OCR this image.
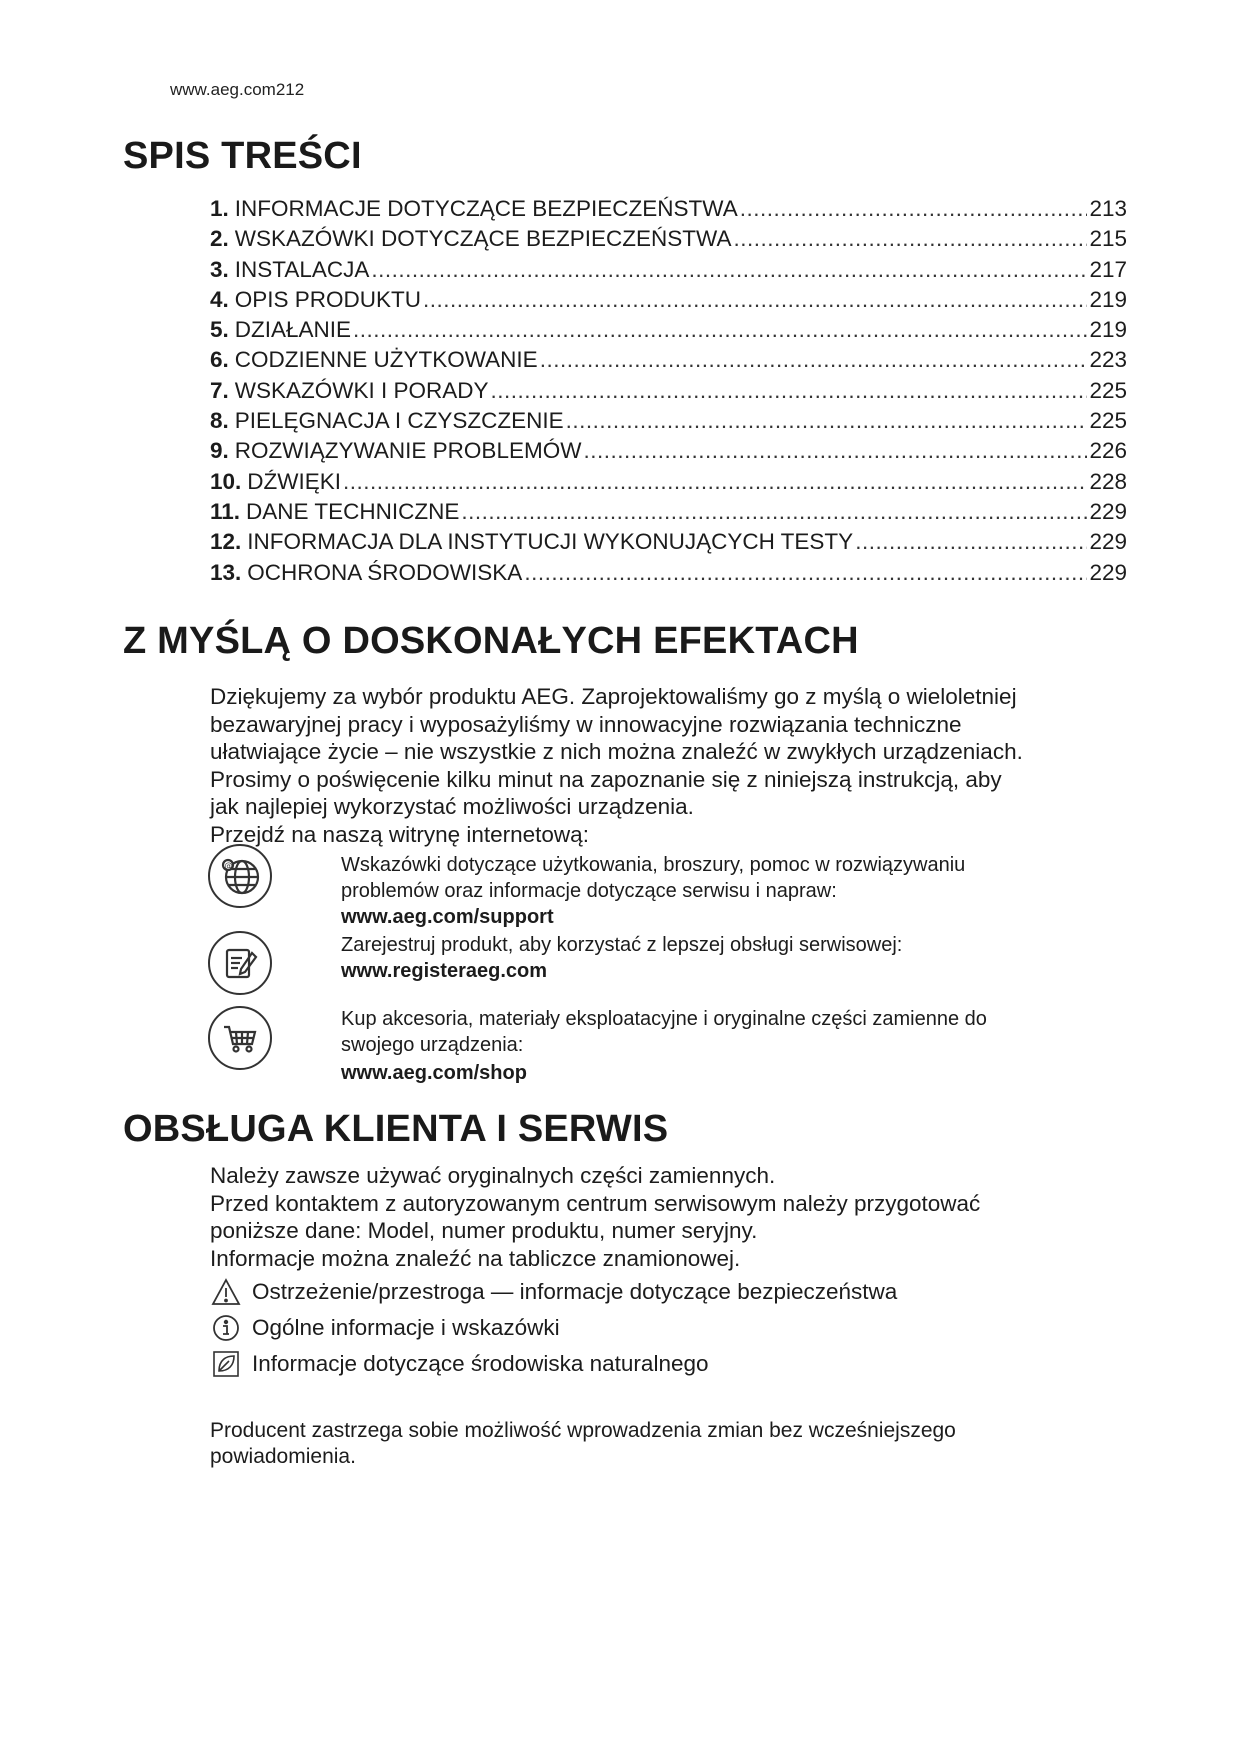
www.aeg.com212
SPIS TREŚCI
1. INFORMACJE DOTYCZĄCE BEZPIECZEŃSTWA .....	213
2. WSKAZÓWKI DOTYCZĄCE BEZPIECZEŃSTWA .....	215
3. INSTALACJA .....	217
4. OPIS PRODUKTU .....	219
5. DZIAŁANIE .....	219
6. CODZIENNE UŻYTKOWANIE .....	223
7. WSKAZÓWKI I PORADY .....	225
8. PIELĘGNACJA I CZYSZCZENIE .....	225
9. ROZWIĄZYWANIE PROBLEMÓW .....	226
10. DŹWIĘKI .....	228
11. DANE TECHNICZNE .....	229
12. INFORMACJA DLA INSTYTUCJI WYKONUJĄCYCH TESTY .....	229
13. OCHRONA ŚRODOWISKA .....	229
Z MYŚLĄ O DOSKONAŁYCH EFEKTACH

Dziękujemy za wybór produktu AEG. Zaprojektowaliśmy go z myślą o wieloletniej

bezawaryjnej pracy i wyposażyliśmy w innowacyjne rozwiązania techniczne

ułatwiające życie – nie wszystkie z nich można znaleźć w zwykłych urządzeniach.

Prosimy o poświęcenie kilku minut na zapoznanie się z niniejszą instrukcją, aby

jak najlepiej wykorzystać możliwości urządzenia.

Przejdź na naszą witrynę internetową:

@	Wskazówki dotyczące użytkowania, broszury, pomoc w rozwiązywaniu

problemów oraz informacje dotyczące serwisu i napraw:

www.aeg.com/support

Zarejestruj produkt, aby korzystać z lepszej obsługi serwisowej:

www.registeraeg.com

Kup akcesoria, materiały eksploatacyjne i oryginalne części zamienne do

swojego urządzenia:

www.aeg.com/shop

OBSŁUGA KLIENTA I SERWIS

Należy zawsze używać oryginalnych części zamiennych.

Przed kontaktem z autoryzowanym centrum serwisowym należy przygotować

poniższe dane: Model, numer produktu, numer seryjny.

Informacje można znaleźć na tabliczce znamionowej.

Ostrzeżenie/przestroga — informacje dotyczące bezpieczeństwa
Ogólne informacje i wskazówki
Informacje dotyczące środowiska naturalnego

Producent zastrzega sobie możliwość wprowadzenia zmian bez wcześniejszego

powiadomienia.
